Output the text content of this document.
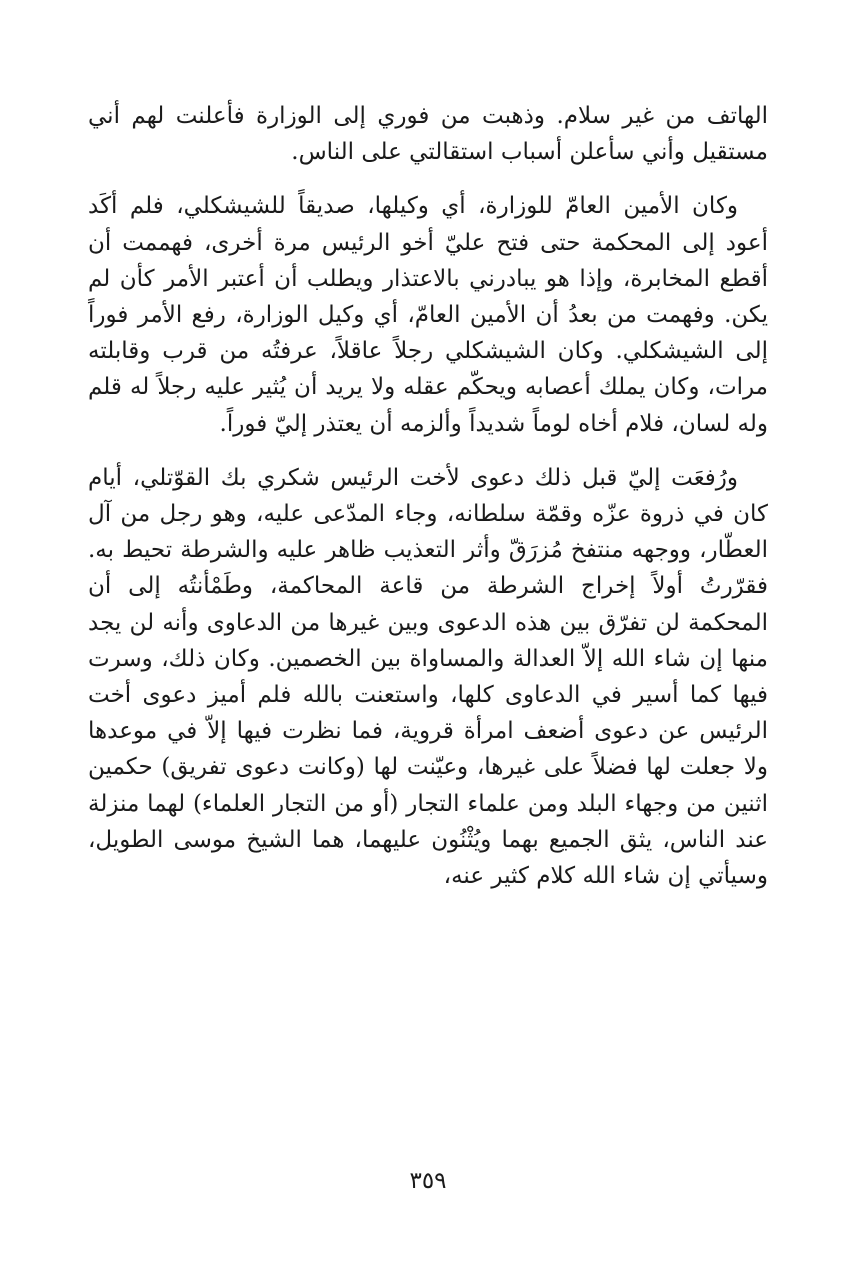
الهاتف من غير سلام. وذهبت من فوري إلى الوزارة فأعلنت لهم أني مستقيل وأني سأعلن أسباب استقالتي على الناس.

وكان الأمين العامّ للوزارة، أي وكيلها، صديقاً للشيشكلي، فلم أكَد أعود إلى المحكمة حتى فتح عليّ أخو الرئيس مرة أخرى، فهممت أن أقطع المخابرة، وإذا هو يبادرني بالاعتذار ويطلب أن أعتبر الأمر كأن لم يكن. وفهمت من بعدُ أن الأمين العامّ، أي وكيل الوزارة، رفع الأمر فوراً إلى الشيشكلي. وكان الشيشكلي رجلاً عاقلاً، عرفتُه من قرب وقابلته مرات، وكان يملك أعصابه ويحكّم عقله ولا يريد أن يُثير عليه رجلاً له قلم وله لسان، فلام أخاه لوماً شديداً وألزمه أن يعتذر إليّ فوراً.

ورُفعَت إليّ قبل ذلك دعوى لأخت الرئيس شكري بك القوّتلي، أيام كان في ذروة عزّه وقمّة سلطانه، وجاء المدّعى عليه، وهو رجل من آل العطّار، ووجهه منتفخ مُزرَقّ وأثر التعذيب ظاهر عليه والشرطة تحيط به. فقرّرتُ أولاً إخراج الشرطة من قاعة المحاكمة، وطَمْأنتُه إلى أن المحكمة لن تفرّق بين هذه الدعوى وبين غيرها من الدعاوى وأنه لن يجد منها إن شاء الله إلاّ العدالة والمساواة بين الخصمين. وكان ذلك، وسرت فيها كما أسير في الدعاوى كلها، واستعنت بالله فلم أميز دعوى أخت الرئيس عن دعوى أضعف امرأة قروية، فما نظرت فيها إلاّ في موعدها ولا جعلت لها فضلاً على غيرها، وعيّنت لها (وكانت دعوى تفريق) حكمين اثنين من وجهاء البلد ومن علماء التجار (أو من التجار العلماء) لهما منزلة عند الناس، يثق الجميع بهما ويُثْنُون عليهما، هما الشيخ موسى الطويل، وسيأتي إن شاء الله كلام كثير عنه،

٣٥٩
